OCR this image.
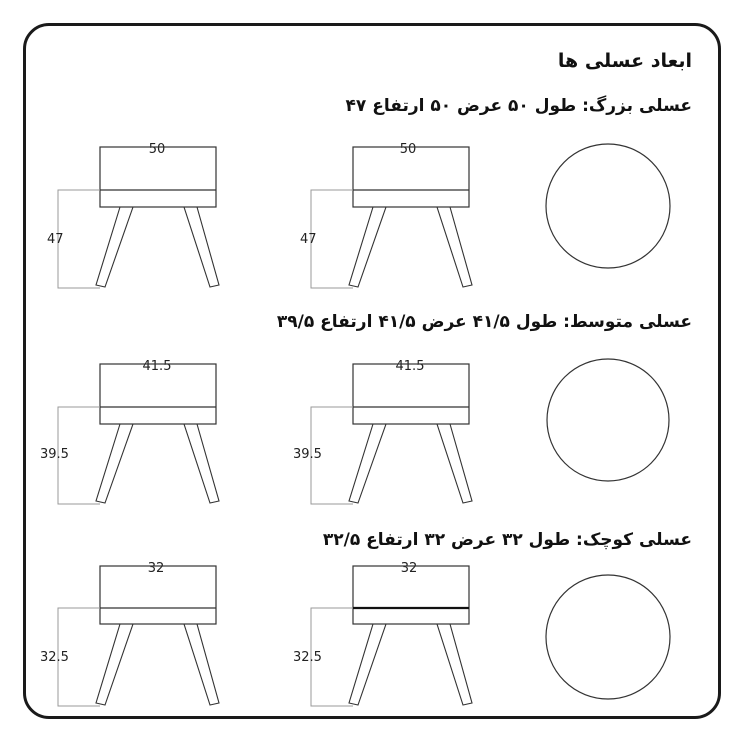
ابعاد عسلی ها
عسلی بزرگ: طول ۵۰ عرض ۵۰ ارتفاع ۴۷
عسلی متوسط: طول ۴۱/۵ عرض ۴۱/۵ ارتفاع ۳۹/۵
عسلی کوچک: طول ۳۲ عرض ۳۲ ارتفاع ۳۲/۵
50
47
50
47
41.5
39.5
41.5
39.5
32
32.5
32
32.5
